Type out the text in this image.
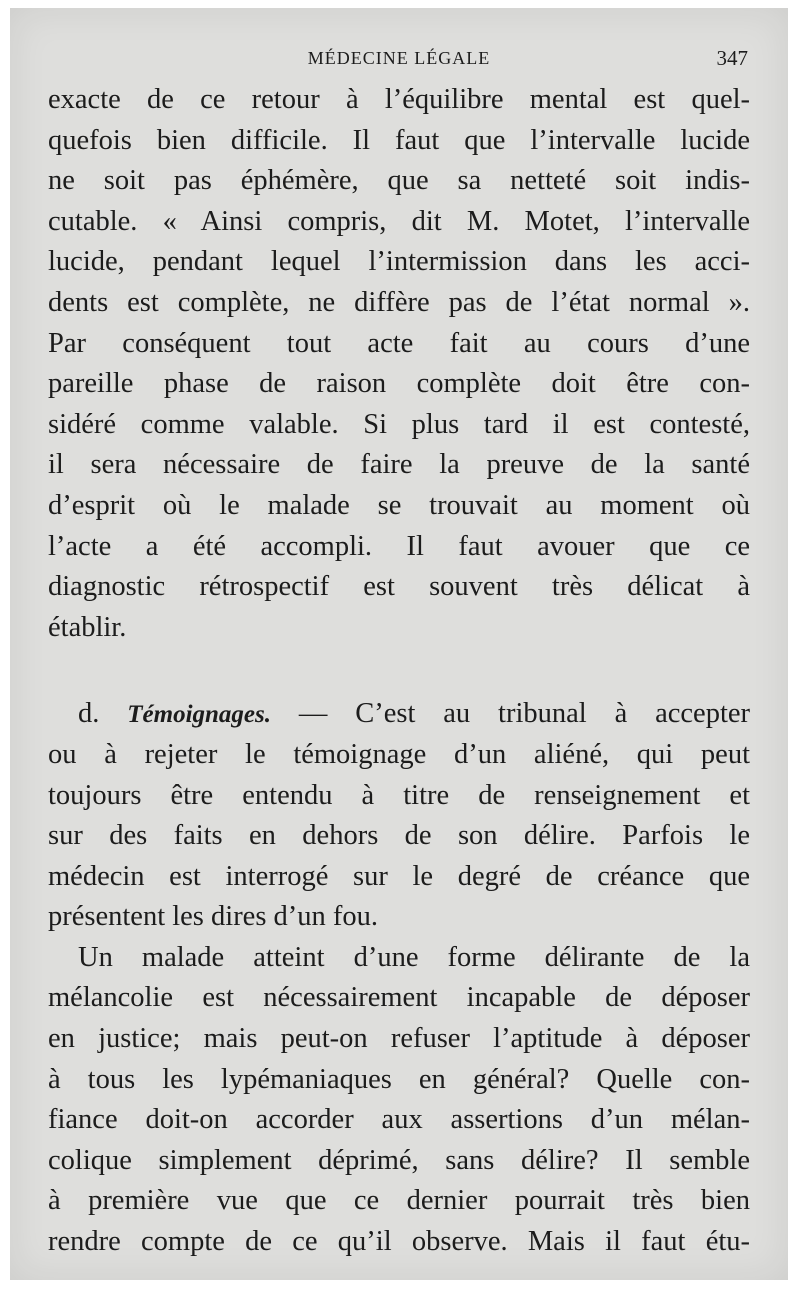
MÉDECINE LÉGALE	347
exacte de ce retour à l’équilibre mental est quel-
quefois bien difficile. Il faut que l’intervalle lucide
ne soit pas éphémère, que sa netteté soit indis-
cutable. « Ainsi compris, dit M. Motet, l’intervalle
lucide, pendant lequel l’intermission dans les acci-
dents est complète, ne diffère pas de l’état normal ».
Par conséquent tout acte fait au cours d’une
pareille phase de raison complète doit être con-
sidéré comme valable. Si plus tard il est contesté,
il sera nécessaire de faire la preuve de la santé
d’esprit où le malade se trouvait au moment où
l’acte a été accompli. Il faut avouer que ce
diagnostic rétrospectif est souvent très délicat à
établir.
d. Témoignages. — C’est au tribunal à accepter
ou à rejeter le témoignage d’un aliéné, qui peut
toujours être entendu à titre de renseignement et
sur des faits en dehors de son délire. Parfois le
médecin est interrogé sur le degré de créance que
présentent les dires d’un fou.
Un malade atteint d’une forme délirante de la
mélancolie est nécessairement incapable de déposer
en justice; mais peut-on refuser l’aptitude à déposer
à tous les lypémaniaques en général? Quelle con-
fiance doit-on accorder aux assertions d’un mélan-
colique simplement déprimé, sans délire? Il semble
à première vue que ce dernier pourrait très bien
rendre compte de ce qu’il observe. Mais il faut étu-
